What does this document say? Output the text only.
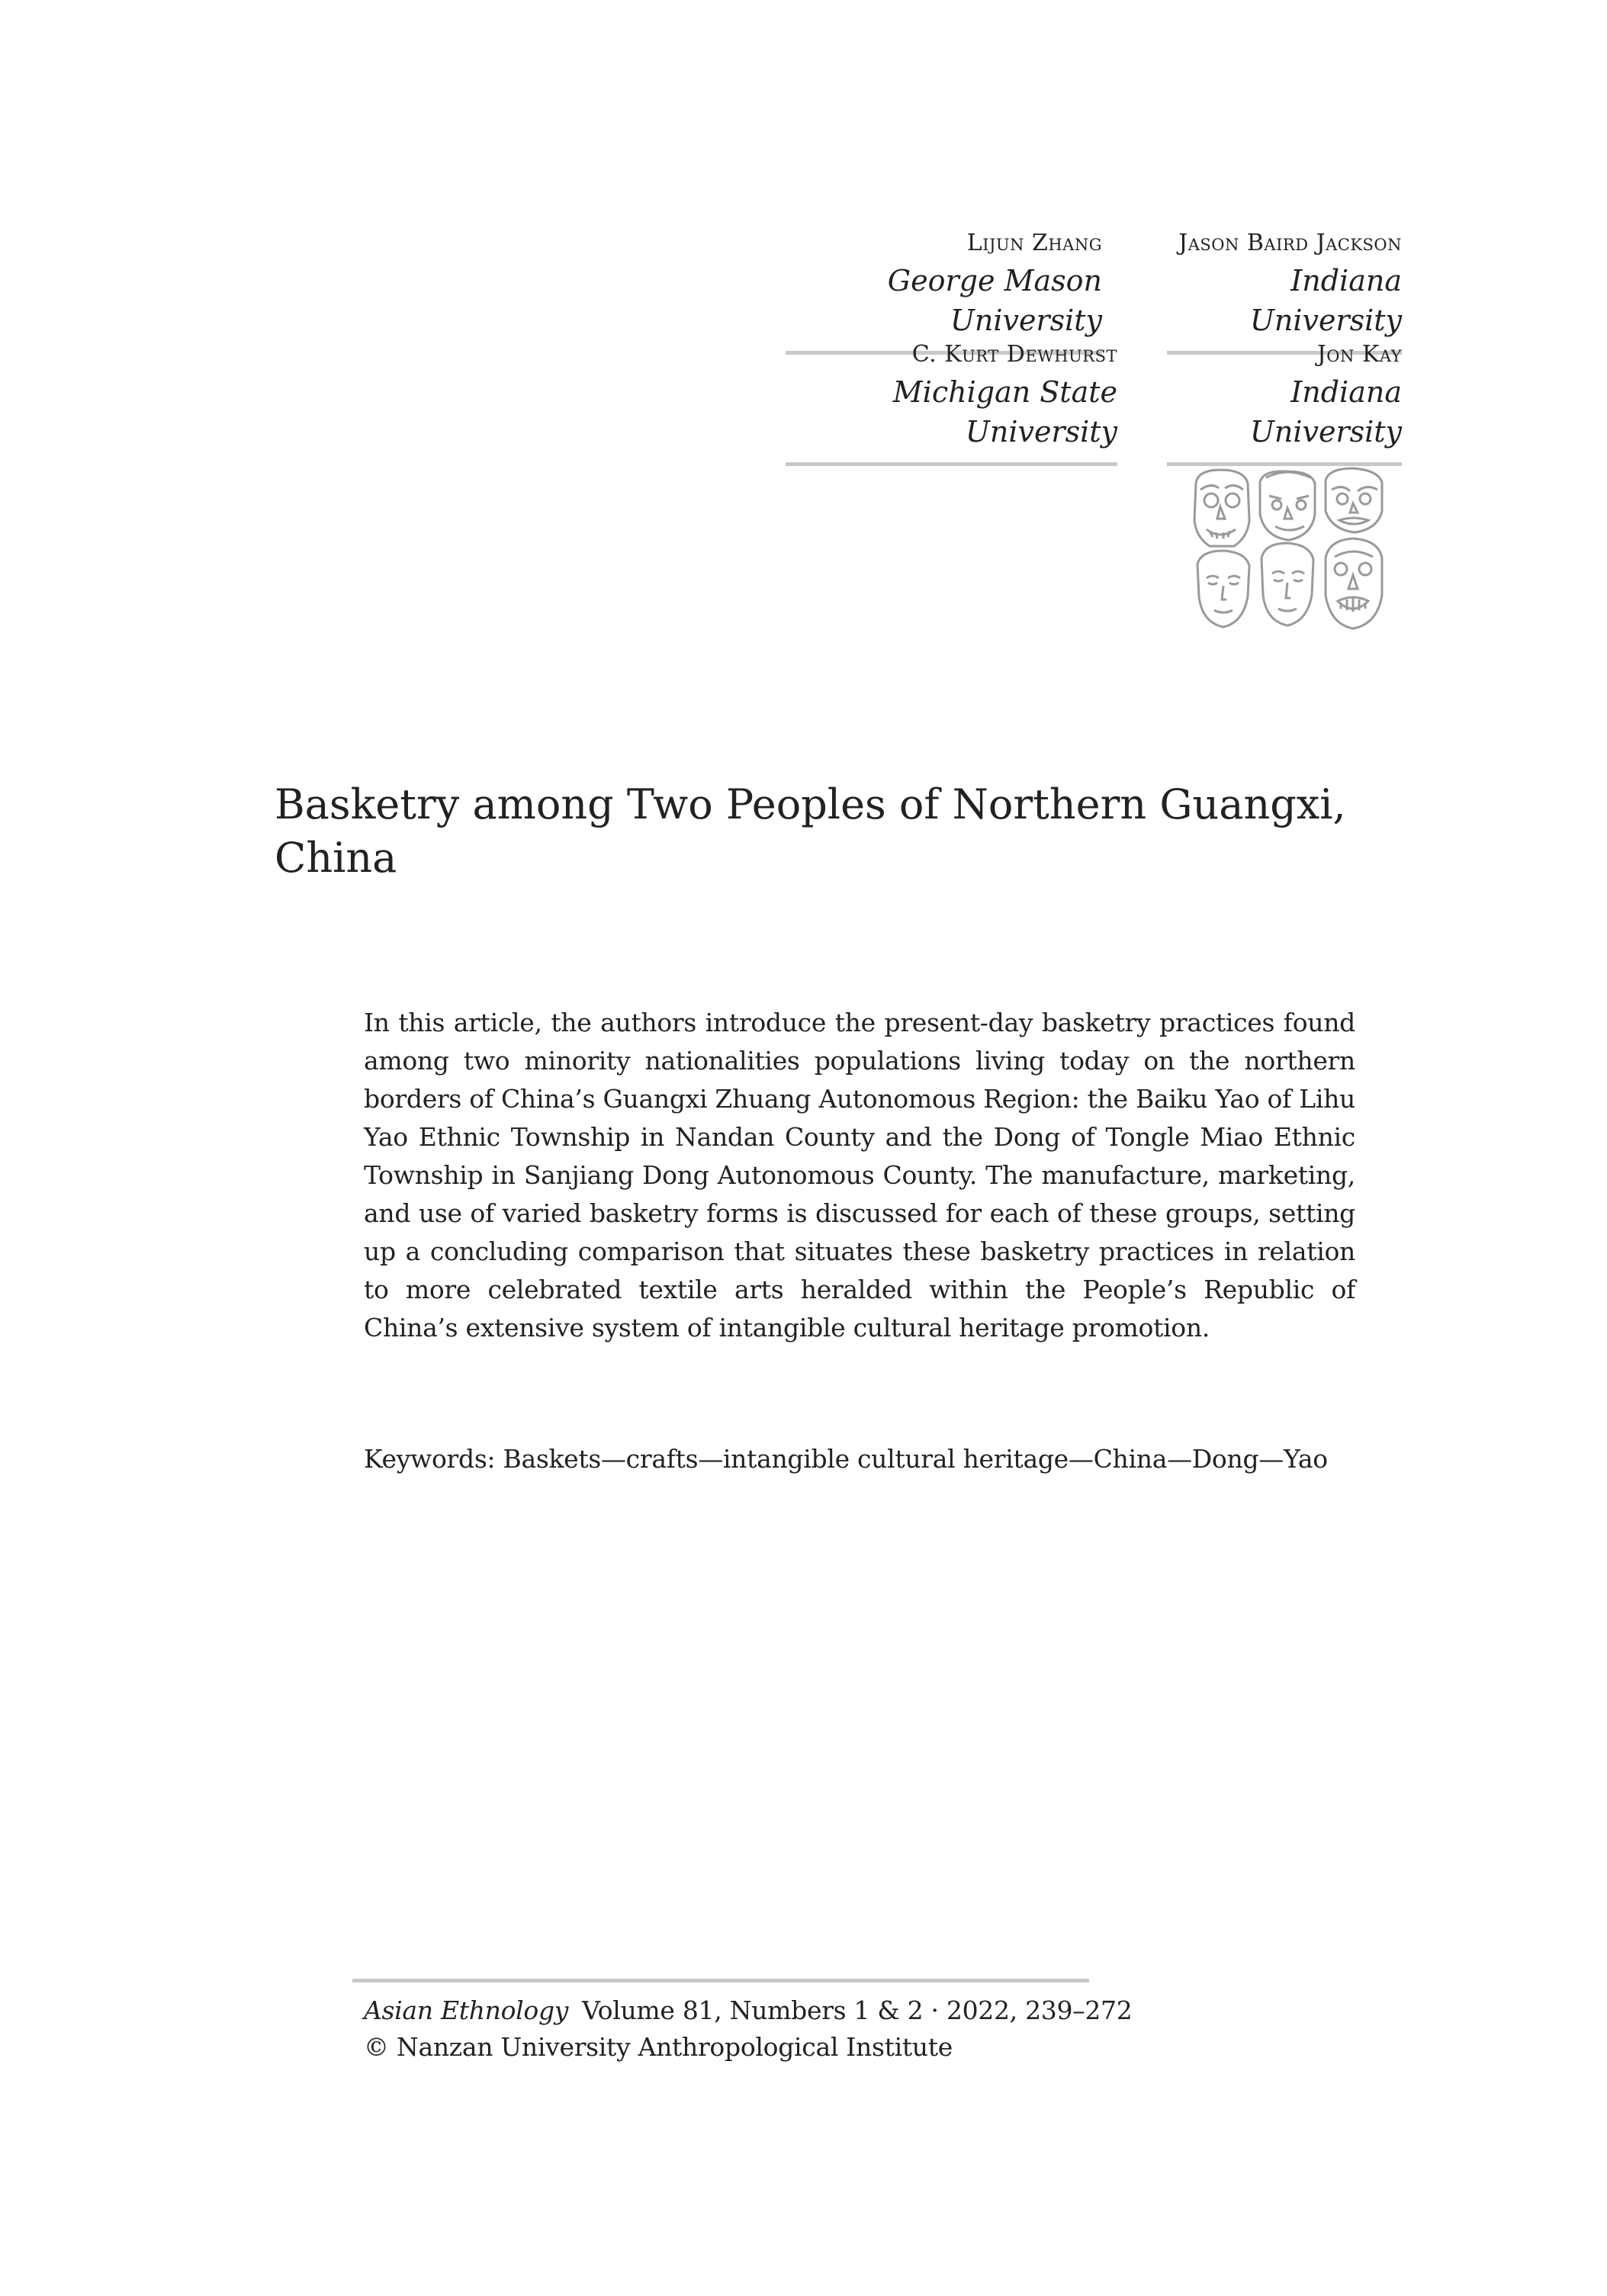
Lijun Zhang
George Mason University
Jason Baird Jackson
Indiana University
C. Kurt Dewhurst
Michigan State University
Jon Kay
Indiana University
Basketry among Two Peoples of Northern Guangxi, China

In this article, the authors introduce the present-day basketry practices found among two minority nationalities populations living today on the northern borders of China’s Guangxi Zhuang Autonomous Region: the Baiku Yao of Lihu Yao Ethnic Township in Nandan County and the Dong of Tongle Miao Ethnic Township in Sanjiang Dong Autonomous County. The manufacture, marketing, and use of varied basketry forms is discussed for each of these groups, setting up a concluding comparison that situates these basketry practices in relation to more celebrated textile arts heralded within the People’s Republic of China’s extensive system of intangible cultural heritage promotion.

Keywords: Baskets—crafts—intangible cultural heritage—China—Dong—Yao

Asian Ethnology Volume 81, Numbers 1 & 2 · 2022, 239–272
© Nanzan University Anthropological Institute
